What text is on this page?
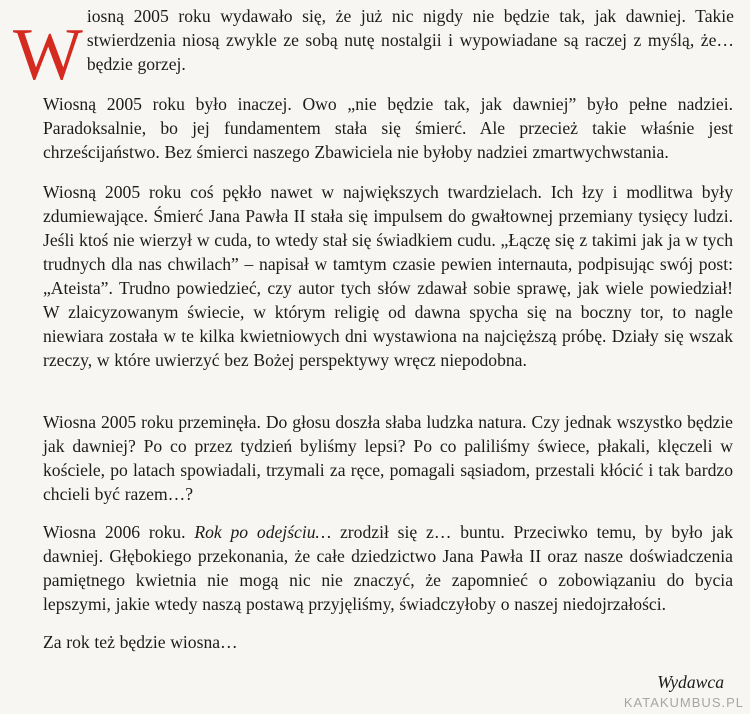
Wiosną 2005 roku wydawało się, że już nic nigdy nie będzie tak, jak dawniej. Takie stwierdzenia niosą zwykle ze sobą nutę nostalgii i wypowiadane są raczej z myślą, że… będzie gorzej.

Wiosną 2005 roku było inaczej. Owo „nie będzie tak, jak dawniej” było pełne nadziei. Paradoksalnie, bo jej fundamentem stała się śmierć. Ale przecież takie właśnie jest chrześcijaństwo. Bez śmierci naszego Zbawiciela nie byłoby nadziei zmartwychwstania.

Wiosną 2005 roku coś pękło nawet w największych twardzielach. Ich łzy i modlitwa były zdumiewające. Śmierć Jana Pawła II stała się impulsem do gwałtownej przemiany tysięcy ludzi. Jeśli ktoś nie wierzył w cuda, to wtedy stał się świadkiem cudu. „Łączę się z takimi jak ja w tych trudnych dla nas chwilach” – napisał w tamtym czasie pewien internauta, podpisując swój post: „Ateista”. Trudno powiedzieć, czy autor tych słów zdawał sobie sprawę, jak wiele powiedział! W zlaicyzowanym świecie, w którym religię od dawna spycha się na boczny tor, to nagle niewiara została w te kilka kwietniowych dni wystawiona na najcięższą próbę. Działy się wszak rzeczy, w które uwierzyć bez Bożej perspektywy wręcz niepodobna.

Wiosna 2005 roku przeminęła. Do głosu doszła słaba ludzka natura. Czy jednak wszystko będzie jak dawniej? Po co przez tydzień byliśmy lepsi? Po co paliliśmy świece, płakali, klęczeli w kościele, po latach spowiadali, trzymali za ręce, pomagali sąsiadom, przestali kłócić i tak bardzo chcieli być razem…?

Wiosna 2006 roku. Rok po odejściu… zrodził się z… buntu. Przeciwko temu, by było jak dawniej. Głębokiego przekonania, że całe dziedzictwo Jana Pawła II oraz nasze doświadczenia pamiętnego kwietnia nie mogą nic nie znaczyć, że zapomnieć o zobowiązaniu do bycia lepszymi, jakie wtedy naszą postawą przyjęliśmy, świadczyłoby o naszej niedojrzałości.

Za rok też będzie wiosna…

Wydawca
KATAKUMBUS.PL
